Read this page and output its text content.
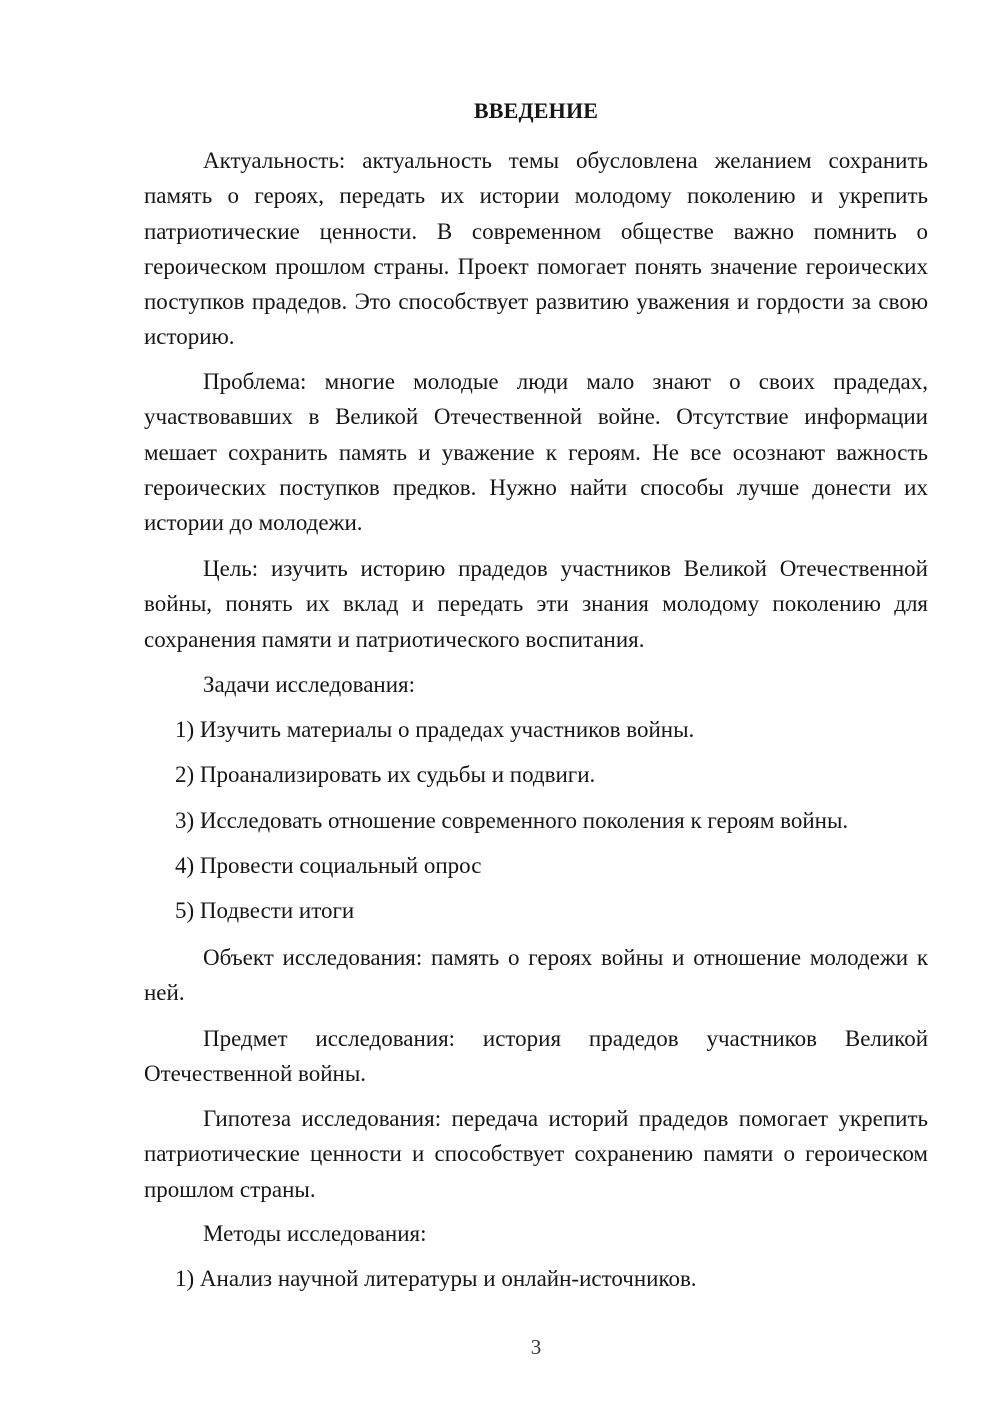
ВВЕДЕНИЕ

Актуальность: актуальность темы обусловлена желанием сохранить память о героях, передать их истории молодому поколению и укрепить патриотические ценности. В современном обществе важно помнить о героическом прошлом страны. Проект помогает понять значение героических поступков прадедов. Это способствует развитию уважения и гордости за свою историю.

Проблема: многие молодые люди мало знают о своих прадедах, участвовавших в Великой Отечественной войне. Отсутствие информации мешает сохранить память и уважение к героям. Не все осознают важность героических поступков предков. Нужно найти способы лучше донести их истории до молодежи.

Цель: изучить историю прадедов участников Великой Отечественной войны, понять их вклад и передать эти знания молодому поколению для сохранения памяти и патриотического воспитания.

Задачи исследования:

1) Изучить материалы о прадедах участников войны.

2) Проанализировать их судьбы и подвиги.

3) Исследовать отношение современного поколения к героям войны.

4) Провести социальный опрос

5) Подвести итоги

Объект исследования: память о героях войны и отношение молодежи к ней.

Предмет исследования: история прадедов участников Великой Отечественной войны.

Гипотеза исследования: передача историй прадедов помогает укрепить патриотические ценности и способствует сохранению памяти о героическом прошлом страны.

Методы исследования:

1) Анализ научной литературы и онлайн-источников.

3
